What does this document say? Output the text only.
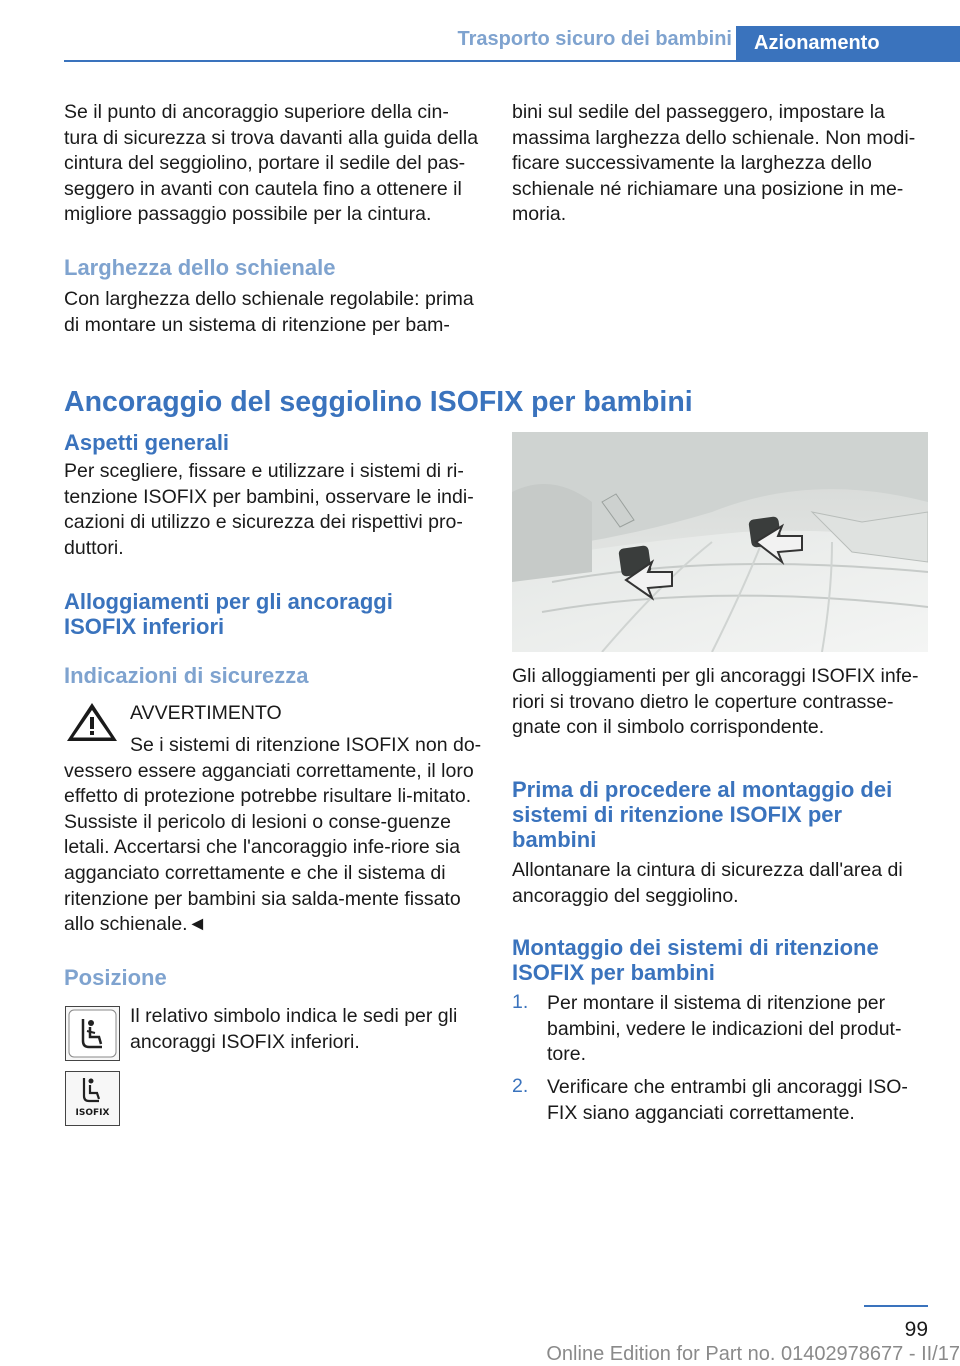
Trasporto sicuro dei bambini	Azionamento

Se il punto di ancoraggio superiore della cin-tura di sicurezza si trova davanti alla guida della cintura del seggiolino, portare il sedile del pas-seggero in avanti con cautela fino a ottenere il migliore passaggio possibile per la cintura.

bini sul sedile del passeggero, impostare la massima larghezza dello schienale. Non modi-ficare successivamente la larghezza dello schienale né richiamare una posizione in me-moria.

Larghezza dello schienale

Con larghezza dello schienale regolabile: prima di montare un sistema di ritenzione per bam-

Ancoraggio del seggiolino ISOFIX per bambini
Aspetti generali

Per scegliere, fissare e utilizzare i sistemi di ri-tenzione ISOFIX per bambini, osservare le indi-cazioni di utilizzo e sicurezza dei rispettivi pro-duttori.

Alloggiamenti per gli ancoraggi ISOFIX inferiori
Indicazioni di sicurezza
AVVERTIMENTO
Se i sistemi di ritenzione ISOFIX non do-vessero essere agganciati correttamente, il loro effetto di protezione potrebbe risultare li-mitato. Sussiste il pericolo di lesioni o conse-guenze letali. Accertarsi che l'ancoraggio infe-riore sia agganciato correttamente e che il sistema di ritenzione per bambini sia salda-mente fissato allo schienale.◄
Posizione
Il relativo simbolo indica le sedi per gli ancoraggi ISOFIX inferiori.
ISOFIX

Gli alloggiamenti per gli ancoraggi ISOFIX infe-riori si trovano dietro le coperture contrasse-gnate con il simbolo corrispondente.

Prima di procedere al montaggio dei sistemi di ritenzione ISOFIX per bambini

Allontanare la cintura di sicurezza dall'area di ancoraggio del seggiolino.

Montaggio dei sistemi di ritenzione ISOFIX per bambini
1. Per montare il sistema di ritenzione per bambini, vedere le indicazioni del produt-tore.

2. Verificare che entrambi gli ancoraggi ISO-FIX siano agganciati correttamente.

99
Online Edition for Part no. 01402978677 - II/17
